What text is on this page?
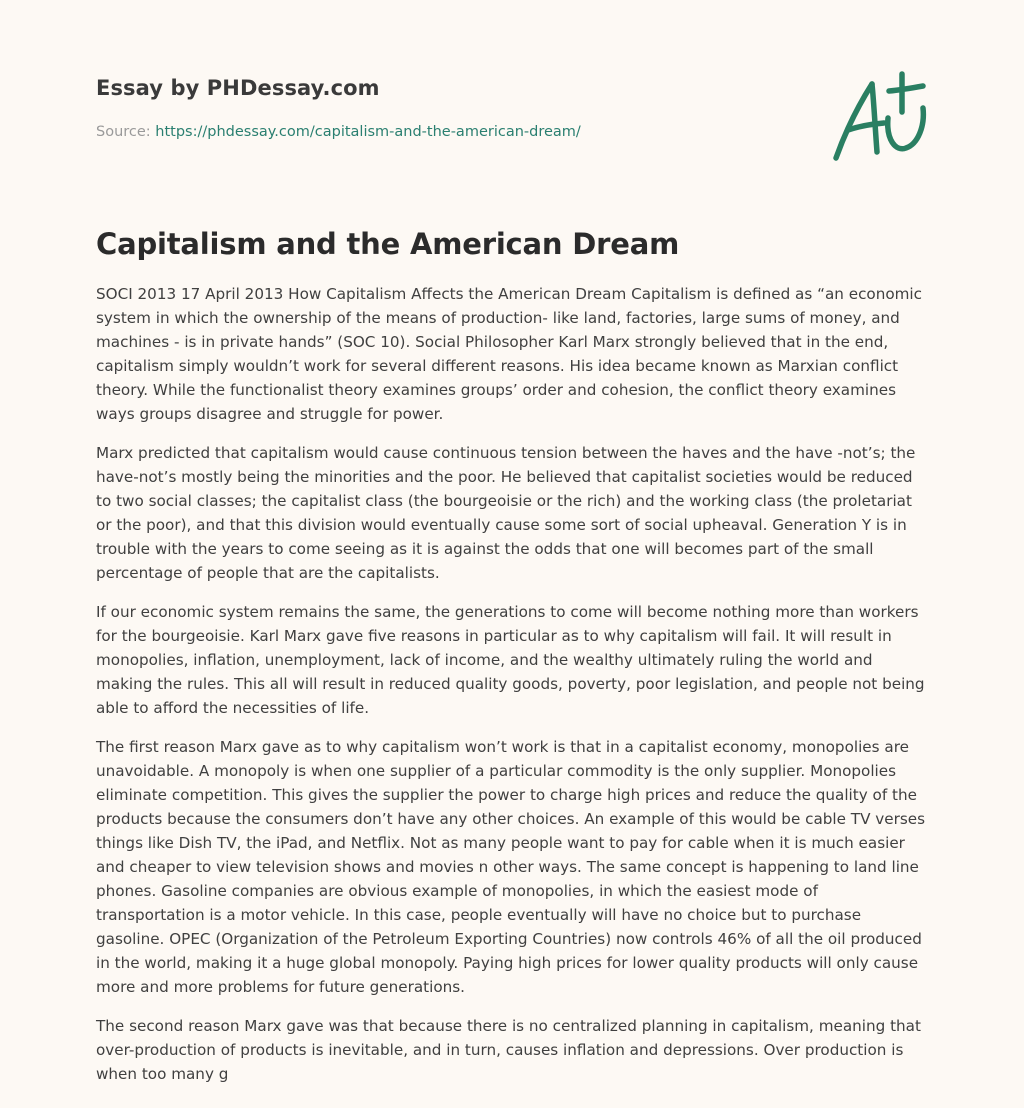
Essay by PHDessay.com
Source: https://phdessay.com/capitalism-and-the-american-dream/
Capitalism and the American Dream

SOCI 2013 17 April 2013 How Capitalism Affects the American Dream Capitalism is defined as “an economic system in which the ownership of the means of production- like land, factories, large sums of money, and machines - is in private hands” (SOC 10). Social Philosopher Karl Marx strongly believed that in the end, capitalism simply wouldn’t work for several different reasons. His idea became known as Marxian conflict theory. While the functionalist theory examines groups’ order and cohesion, the conflict theory examines ways groups disagree and struggle for power.

Marx predicted that capitalism would cause continuous tension between the haves and the have -not’s; the have-not’s mostly being the minorities and the poor. He believed that capitalist societies would be reduced to two social classes; the capitalist class (the bourgeoisie or the rich) and the working class (the proletariat or the poor), and that this division would eventually cause some sort of social upheaval. Generation Y is in trouble with the years to come seeing as it is against the odds that one will becomes part of the small percentage of people that are the capitalists.

If our economic system remains the same, the generations to come will become nothing more than workers for the bourgeoisie. Karl Marx gave five reasons in particular as to why capitalism will fail. It will result in monopolies, inflation, unemployment, lack of income, and the wealthy ultimately ruling the world and making the rules. This all will result in reduced quality goods, poverty, poor legislation, and people not being able to afford the necessities of life.

The first reason Marx gave as to why capitalism won’t work is that in a capitalist economy, monopolies are unavoidable. A monopoly is when one supplier of a particular commodity is the only supplier. Monopolies eliminate competition. This gives the supplier the power to charge high prices and reduce the quality of the products because the consumers don’t have any other choices. An example of this would be cable TV verses things like Dish TV, the iPad, and Netflix. Not as many people want to pay for cable when it is much easier and cheaper to view television shows and movies n other ways. The same concept is happening to land line phones. Gasoline companies are obvious example of monopolies, in which the easiest mode of transportation is a motor vehicle. In this case, people eventually will have no choice but to purchase gasoline. OPEC (Organization of the Petroleum Exporting Countries) now controls 46% of all the oil produced in the world, making it a huge global monopoly. Paying high prices for lower quality products will only cause more and more problems for future generations.

The second reason Marx gave was that because there is no centralized planning in capitalism, meaning that over-production of products is inevitable, and in turn, causes inflation and depressions. Over production is when too many g
